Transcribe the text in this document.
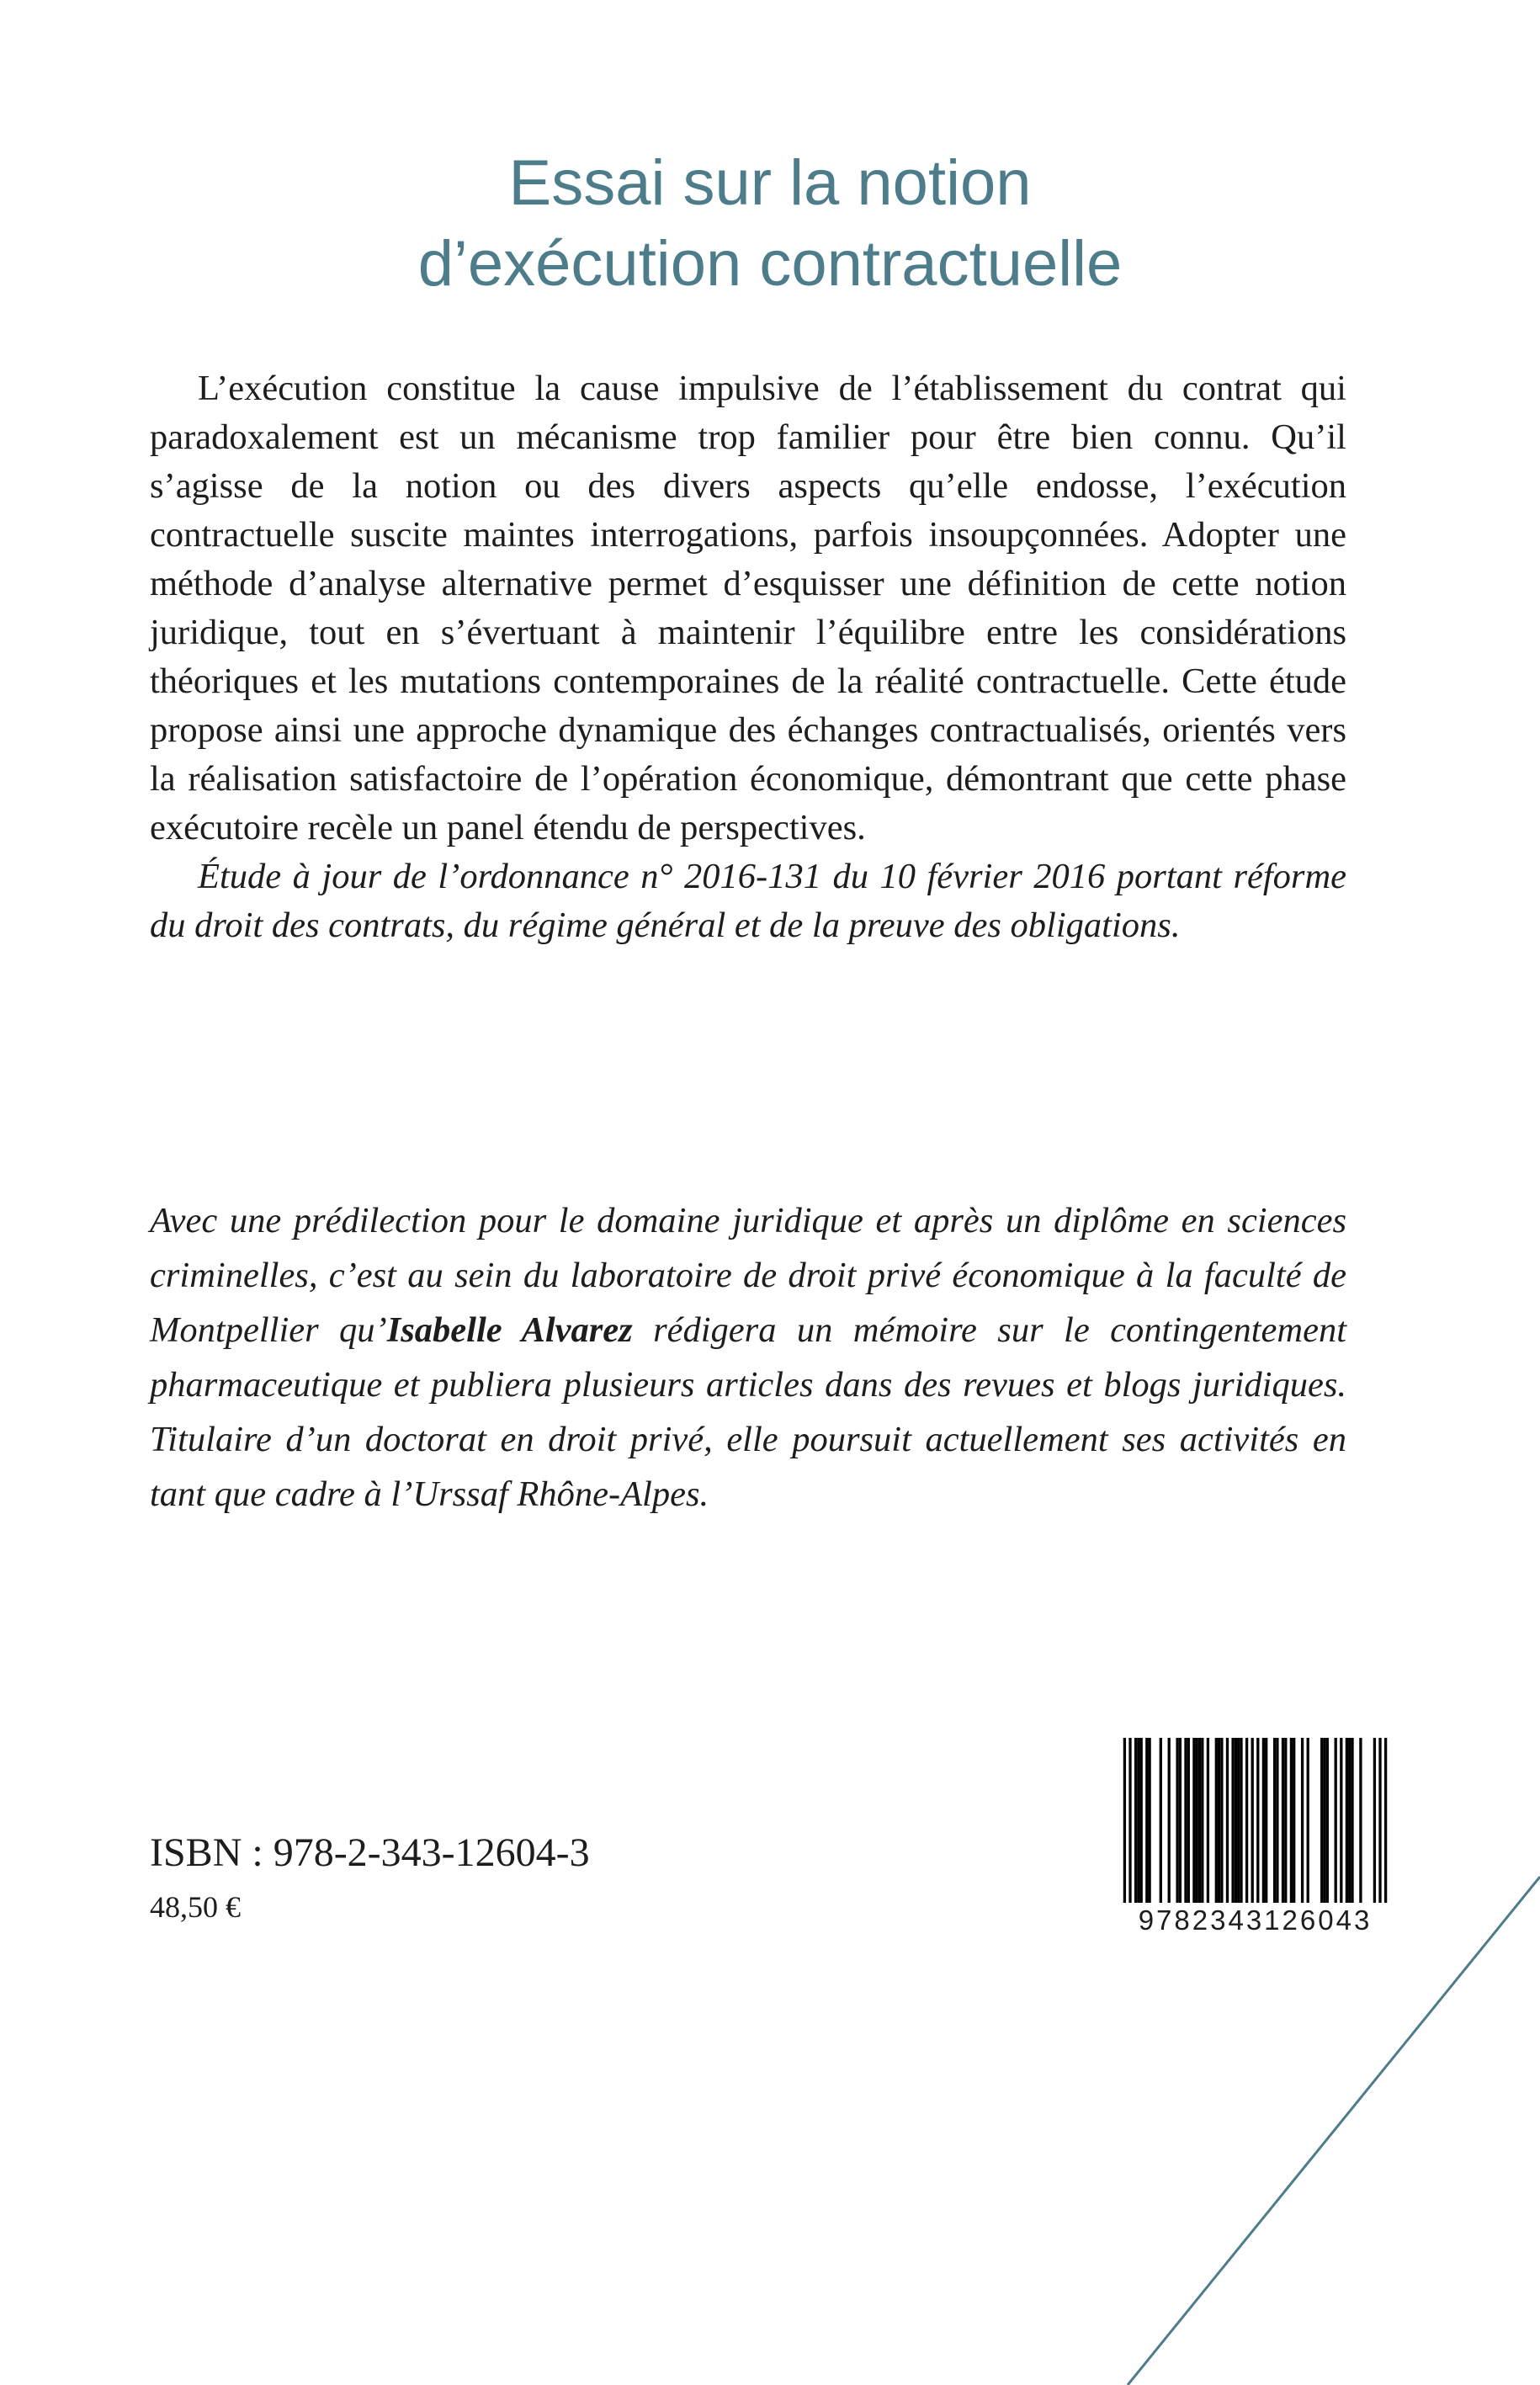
Essai sur la notion
d’exécution contractuelle

L’exécution constitue la cause impulsive de l’établissement du contrat qui paradoxalement est un mécanisme trop familier pour être bien connu. Qu’il s’agisse de la notion ou des divers aspects qu’elle endosse, l’exécution contractuelle suscite maintes interrogations, parfois insoupçonnées. Adopter une méthode d’analyse alternative permet d’esquisser une définition de cette notion juridique, tout en s’évertuant à maintenir l’équilibre entre les considérations théoriques et les mutations contemporaines de la réalité contractuelle. Cette étude propose ainsi une approche dynamique des échanges contractualisés, orientés vers la réalisation satisfactoire de l’opération économique, démontrant que cette phase exécutoire recèle un panel étendu de perspectives.

Étude à jour de l’ordonnance n° 2016-131 du 10 février 2016 portant réforme du droit des contrats, du régime général et de la preuve des obligations.

Avec une prédilection pour le domaine juridique et après un diplôme en sciences criminelles, c’est au sein du laboratoire de droit privé économique à la faculté de Montpellier qu’Isabelle Alvarez rédigera un mémoire sur le contingentement pharmaceutique et publiera plusieurs articles dans des revues et blogs juridiques. Titulaire d’un doctorat en droit privé, elle poursuit actuellement ses activités en tant que cadre à l’Urssaf Rhône-Alpes.
ISBN : 978-2-343-12604-3
48,50 €	9782343126043
